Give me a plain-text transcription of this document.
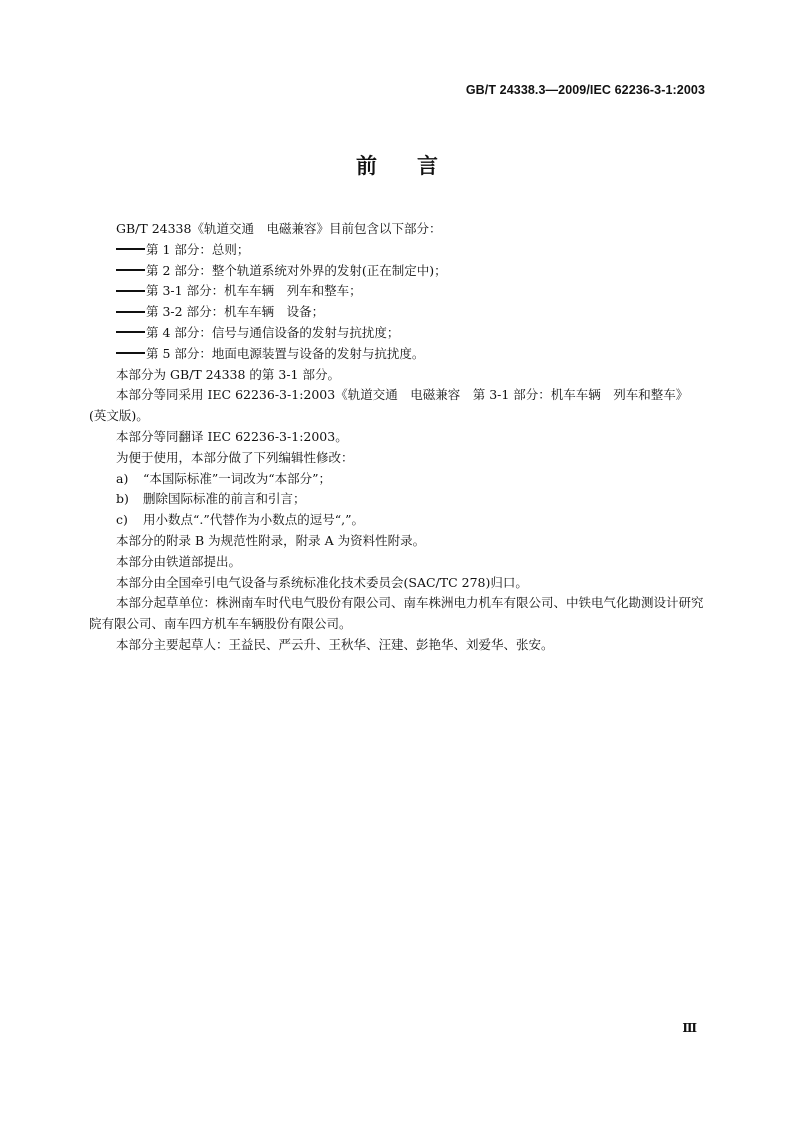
GB/T 24338.3—2009/IEC 62236-3-1:2003
前 言

GB/T 24338《轨道交通　电磁兼容》目前包含以下部分：

第 1 部分：总则；

第 2 部分：整个轨道系统对外界的发射(正在制定中)；

第 3-1 部分：机车车辆　列车和整车；

第 3-2 部分：机车车辆　设备；

第 4 部分：信号与通信设备的发射与抗扰度；

第 5 部分：地面电源装置与设备的发射与抗扰度。

本部分为 GB/T 24338 的第 3-1 部分。

本部分等同采用 IEC 62236-3-1:2003《轨道交通　电磁兼容　第 3-1 部分：机车车辆　列车和整车》(英文版)。

本部分等同翻译 IEC 62236-3-1:2003。

为便于使用，本部分做了下列编辑性修改：

a) “本国际标准”一词改为“本部分”；

b) 删除国际标准的前言和引言；

c) 用小数点“.”代替作为小数点的逗号“,”。

本部分的附录 B 为规范性附录，附录 A 为资料性附录。

本部分由铁道部提出。

本部分由全国牵引电气设备与系统标准化技术委员会(SAC/TC 278)归口。

本部分起草单位：株洲南车时代电气股份有限公司、南车株洲电力机车有限公司、中铁电气化勘测设计研究院有限公司、南车四方机车车辆股份有限公司。

本部分主要起草人：王益民、严云升、王秋华、汪建、彭艳华、刘爱华、张安。

Ⅲ
